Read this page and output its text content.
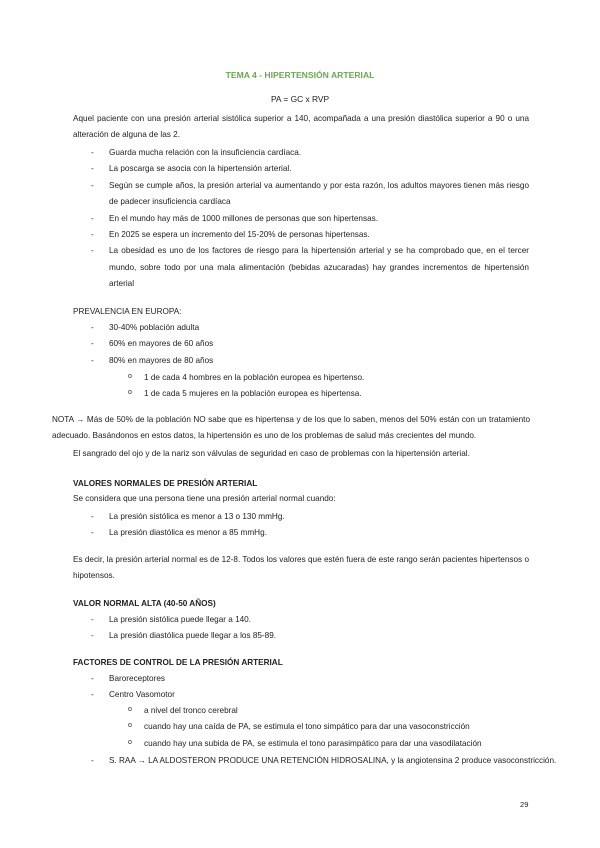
TEMA 4 - HIPERTENSIÓN ARTERIAL
PA = GC x RVP

Aquel paciente con una presión arterial sistólica superior a 140, acompañada a una presión diastólica superior a 90 o una alteración de alguna de las 2.

- Guarda mucha relación con la insuficiencia cardíaca.
- La poscarga se asocia con la hipertensión arterial.
- Según se cumple años, la presión arterial va aumentando y por esta razón, los adultos mayores tienen más riesgo de padecer insuficiencia cardíaca
- En el mundo hay más de 1000 millones de personas que son hipertensas.
- En 2025 se espera un incremento del 15-20% de personas hipertensas.
- La obesidad es uno de los factores de riesgo para la hipertensión arterial y se ha comprobado que, en el tercer mundo, sobre todo por una mala alimentación (bebidas azucaradas) hay grandes incrementos de hipertensión arterial

PREVALENCIA EN EUROPA:

- 30-40% población adulta
- 60% en mayores de 60 años
- 80% en mayores de 80 años
o 1 de cada 4 hombres en la población europea es hipertenso.
o 1 de cada 5 mujeres en la población europea es hipertensa.

NOTA → Más de 50% de la población NO sabe que es hipertensa y de los que lo saben, menos del 50% están con un tratamiento adecuado. Basándonos en estos datos, la hipertensión es uno de los problemas de salud más crecientes del mundo.

El sangrado del ojo y de la nariz son válvulas de seguridad en caso de problemas con la hipertensión arterial.

VALORES NORMALES DE PRESIÓN ARTERIAL

Se considera que una persona tiene una presión arterial normal cuando:

- La presión sistólica es menor a 13 o 130 mmHg.
- La presión diastólica es menor a 85 mmHg.

Es decir, la presión arterial normal es de 12-8. Todos los valores que estén fuera de este rango serán pacientes hipertensos o hipotensos.

VALOR NORMAL ALTA (40-50 AÑOS)
- La presión sistólica puede llegar a 140.
- La presión diastólica puede llegar a los 85-89.
FACTORES DE CONTROL DE LA PRESIÓN ARTERIAL
- Baroreceptores
- Centro Vasomotor
o a nivel del tronco cerebral
o cuando hay una caída de PA, se estimula el tono simpático para dar una vasoconstricción
o cuando hay una subida de PA, se estimula el tono parasimpático para dar una vasodilatación
- S. RAA → LA ALDOSTERON PRODUCE UNA RETENCIÓN HIDROSALINA, y la angiotensina 2 produce vasoconstricción.
29
